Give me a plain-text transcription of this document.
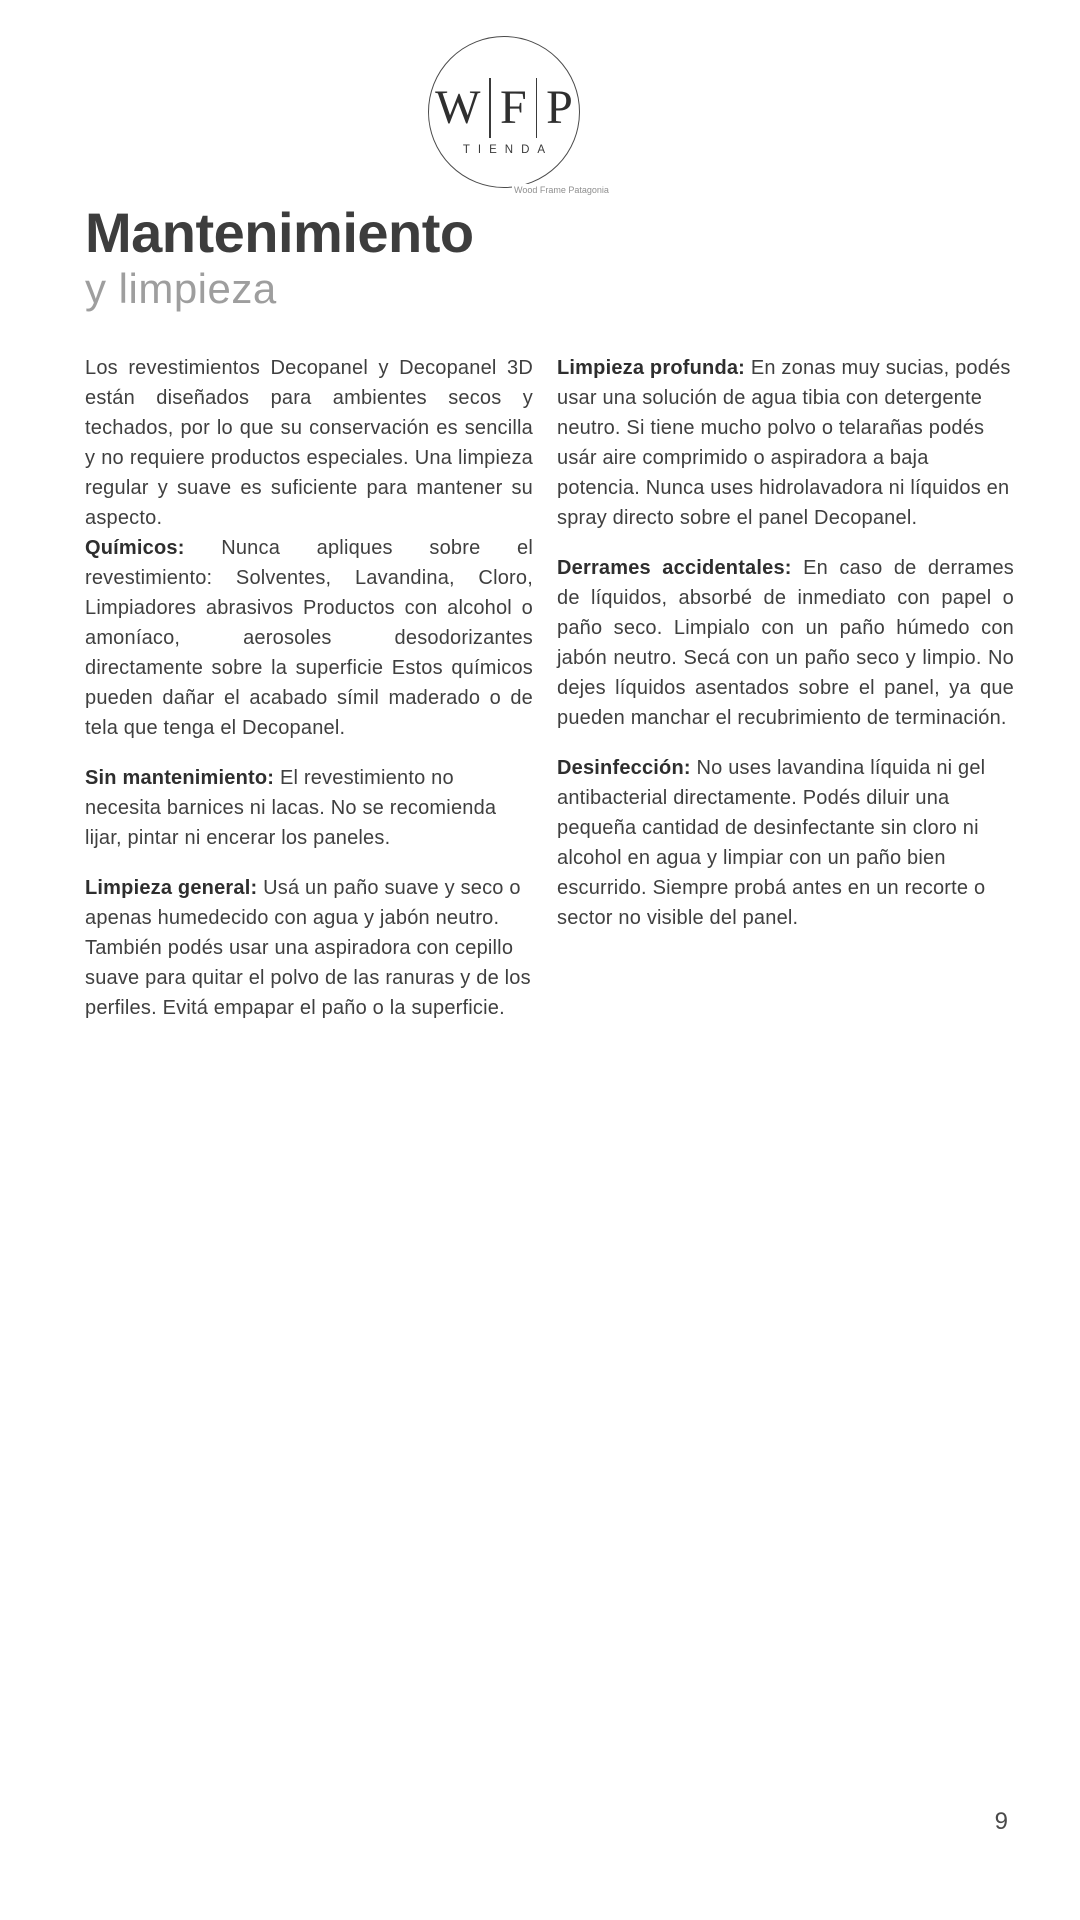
W F P
TIENDA
Wood Frame Patagonia
Mantenimiento
y limpieza

Los revestimientos Decopanel y Decopanel 3D están diseñados para ambientes secos y techados, por lo que su conservación es sencilla y no requiere productos especiales. Una limpieza regular y suave es suficiente para mantener su aspecto.

Químicos: Nunca apliques sobre el revestimiento: Solventes, Lavandina, Cloro, Limpiadores abrasivos Productos con alcohol o amoníaco, aerosoles desodorizantes directamente sobre la superficie Estos químicos pueden dañar el acabado símil maderado o de tela que tenga el Decopanel.

Sin mantenimiento: El revestimiento no necesita barnices ni lacas. No se recomienda lijar, pintar ni encerar los paneles.

Limpieza general: Usá un paño suave y seco o apenas humedecido con agua y jabón neutro. También podés usar una aspiradora con cepillo suave para quitar el polvo de las ranuras y de los perfiles. Evitá empapar el paño o la superficie.

Limpieza profunda: En zonas muy sucias, podés usar una solución de agua tibia con detergente neutro. Si tiene mucho polvo o telarañas podés usár aire comprimido o aspiradora a baja potencia. Nunca uses hidrolavadora ni líquidos en spray directo sobre el panel Decopanel.

Derrames accidentales: En caso de derrames de líquidos, absorbé de inmediato con papel o paño seco. Limpialo con un paño húmedo con jabón neutro. Secá con un paño seco y limpio. No dejes líquidos asentados sobre el panel, ya que pueden manchar el recubrimiento de terminación.

Desinfección: No uses lavandina líquida ni gel antibacterial directamente. Podés diluir una pequeña cantidad de desinfectante sin cloro ni alcohol en agua y limpiar con un paño bien escurrido. Siempre probá antes en un recorte o sector no visible del panel.

9
